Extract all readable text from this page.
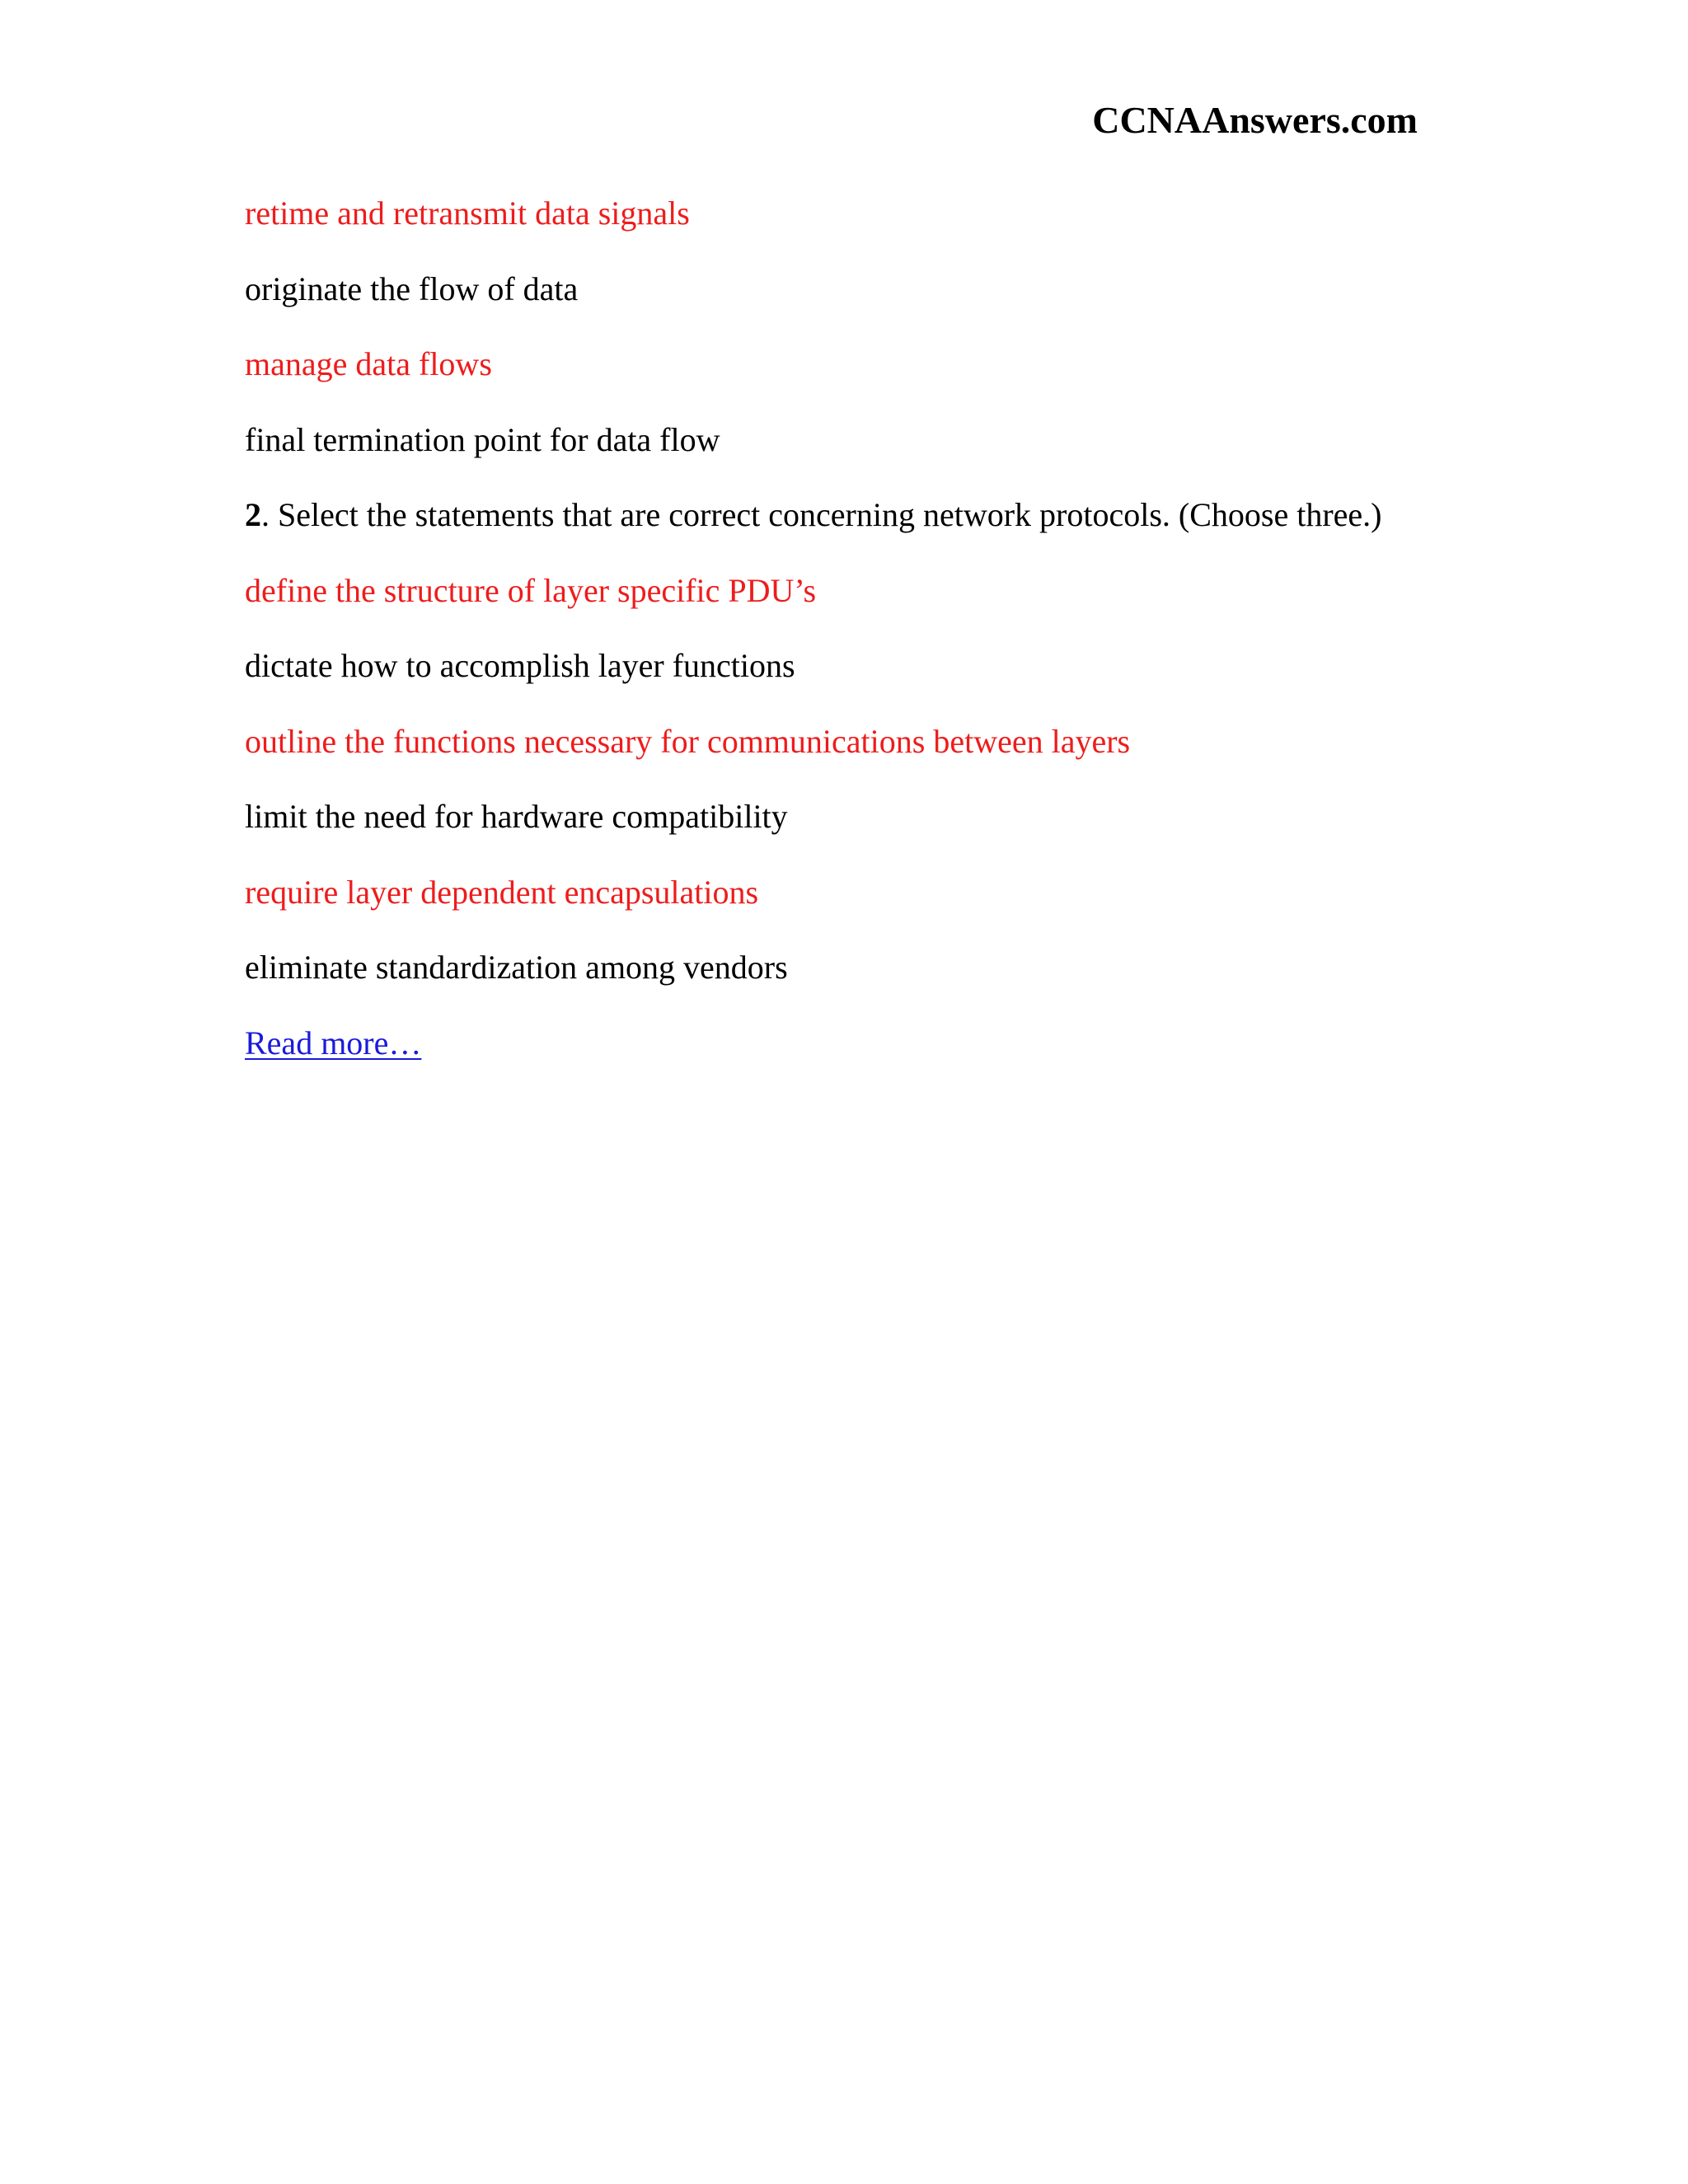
CCNAAnswers.com
retime and retransmit data signals
originate the flow of data
manage data flows
final termination point for data flow
2. Select the statements that are correct concerning network protocols. (Choose three.)
define the structure of layer specific PDU’s
dictate how to accomplish layer functions
outline the functions necessary for communications between layers
limit the need for hardware compatibility
require layer dependent encapsulations
eliminate standardization among vendors
Read more…
